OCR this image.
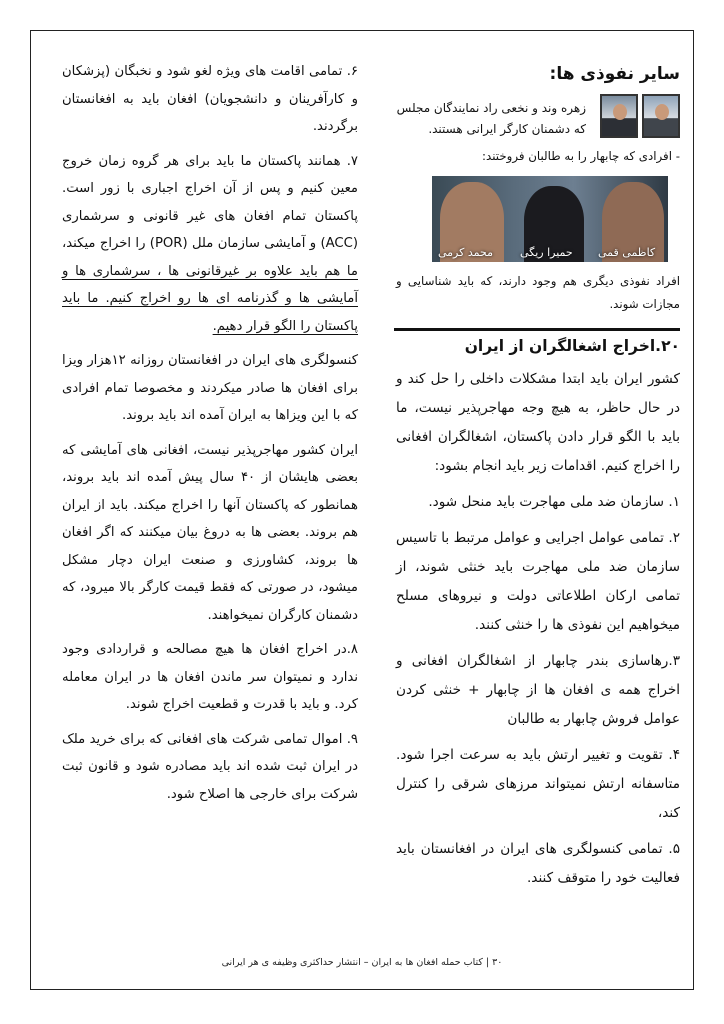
سایر نفوذی ها:
زهره وند و نخعی راد نمایندگان مجلس
که دشمنان کارگر ایرانی هستند.

- افرادی که چابهار را به طالبان فروختند:

محمد کرمی حمیرا ریگی کاظمی قمی

افراد نفوذی دیگری هم وجود دارند، که باید شناسایی و مجازات شوند.

۲۰.اخراج اشغالگران از ایران

کشور ایران باید ابتدا مشکلات داخلی را حل کند و در حال حاظر، به هیچ وجه مهاجرپذیر نیست، ما باید با الگو قرار دادن پاکستان، اشغالگران افغانی را اخراج کنیم. اقدامات زیر باید انجام بشود:

۱. سازمان ضد ملی مهاجرت باید منحل شود.

۲. تمامی عوامل اجرایی و عوامل مرتبط با تاسیس سازمان ضد ملی مهاجرت باید خنثی شوند، از تمامی ارکان اطلاعاتی دولت و نیروهای مسلح میخواهیم این نفوذی ها را خنثی کنند.

۳.رهاسازی بندر چابهار از اشغالگران افغانی و اخراج همه ی افغان ها از چابهار + خنثی کردن عوامل فروش چابهار به طالبان

۴. تقویت و تغییر ارتش باید به سرعت اجرا شود. متاسفانه ارتش نمیتواند مرزهای شرقی را کنترل کند،

۵. تمامی کنسولگری های ایران در افغانستان باید فعالیت خود را متوقف کنند.

۶. تمامی اقامت های ویژه لغو شود و نخبگان (پزشکان و کارآفرینان و دانشجویان) افغان باید به افغانستان برگردند.

۷. همانند پاکستان ما باید برای هر گروه زمان خروج معین کنیم و پس از آن اخراج اجباری با زور است. پاکستان تمام افغان های غیر قانونی و سرشماری (ACC) و آمایشی سازمان ملل (POR) را اخراج میکند، ما هم باید علاوه بر غیرقانونی ها ، سرشماری ها و آمایشی ها و گذرنامه ای ها رو اخراج کنیم. ما باید پاکستان را الگو قرار دهیم.

کنسولگری های ایران در افغانستان روزانه ۱۲هزار ویزا برای افغان ها صادر میکردند و مخصوصا تمام افرادی که با این ویزاها به ایران آمده اند باید بروند.

ایران کشور مهاجرپذیر نیست، افغانی های آمایشی که بعضی هایشان از ۴۰ سال پیش آمده اند باید بروند، همانطور که پاکستان آنها را اخراج میکند. باید از ایران هم بروند. بعضی ها به دروغ بیان میکنند که اگر افغان ها بروند، کشاورزی و صنعت ایران دچار مشکل میشود، در صورتی که فقط قیمت کارگر بالا میرود، که دشمنان کارگران نمیخواهند.

۸.در اخراج افغان ها هیچ مصالحه و قراردادی وجود ندارد و نمیتوان سر ماندن افغان ها در ایران معامله کرد. و باید با قدرت و قطعیت اخراج شوند.

۹. اموال تمامی شرکت های افغانی که برای خرید ملک در ایران ثبت شده اند باید مصادره شود و قانون ثبت شرکت برای خارجی ها اصلاح شود.

۳۰ | کتاب حمله افغان ها به ایران – انتشار حداکثری وظیفه ی هر ایرانی
